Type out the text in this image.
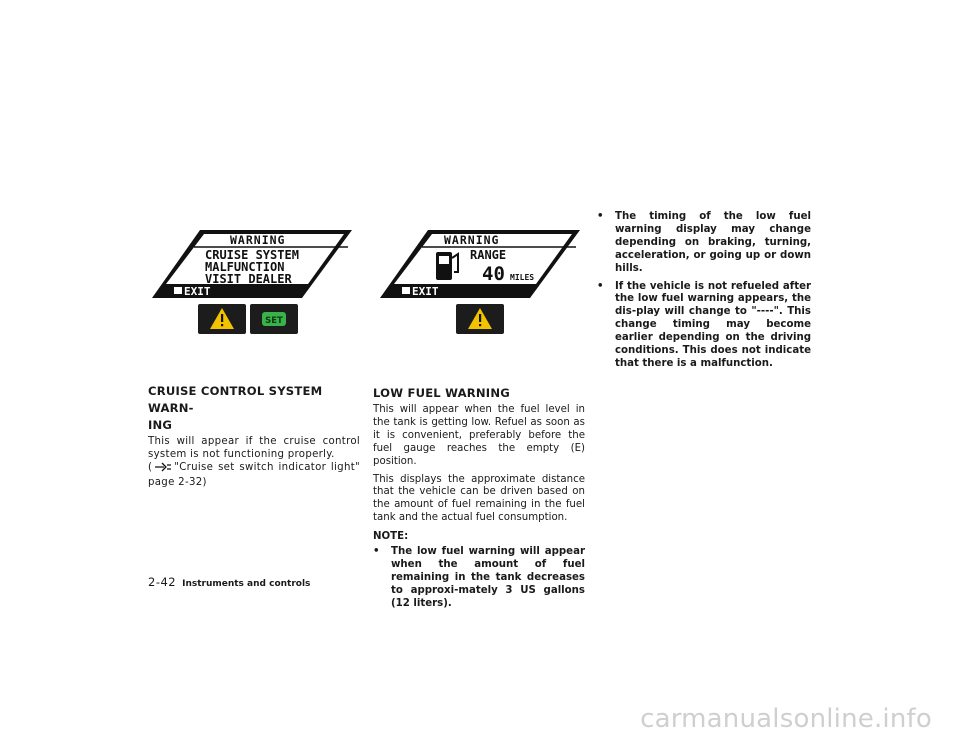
WARNING
CRUISE SYSTEM
MALFUNCTION
VISIT DEALER
EXIT
SET
WARNING
RANGE
40 MILES
EXIT
CRUISE CONTROL SYSTEM WARN-
ING

This will appear if the cruise control system is not functioning properly.
( "Cruise set switch indicator light" page 2-32)

LOW FUEL WARNING

This will appear when the fuel level in the tank is getting low. Refuel as soon as it is convenient, preferably before the fuel gauge reaches the empty (E) position.

This displays the approximate distance that the vehicle can be driven based on the amount of fuel remaining in the fuel tank and the actual fuel consumption.

NOTE:
• The low fuel warning will appear when the amount of fuel remaining in the tank decreases to approxi-mately 3 US gallons (12 liters).
• The timing of the low fuel warning display may change depending on braking, turning, acceleration, or going up or down hills.
• If the vehicle is not refueled after the low fuel warning appears, the dis-play will change to "----". This change timing may become earlier depending on the driving conditions. This does not indicate that there is a malfunction.
2-42 Instruments and controls
carmanualsonline.info
